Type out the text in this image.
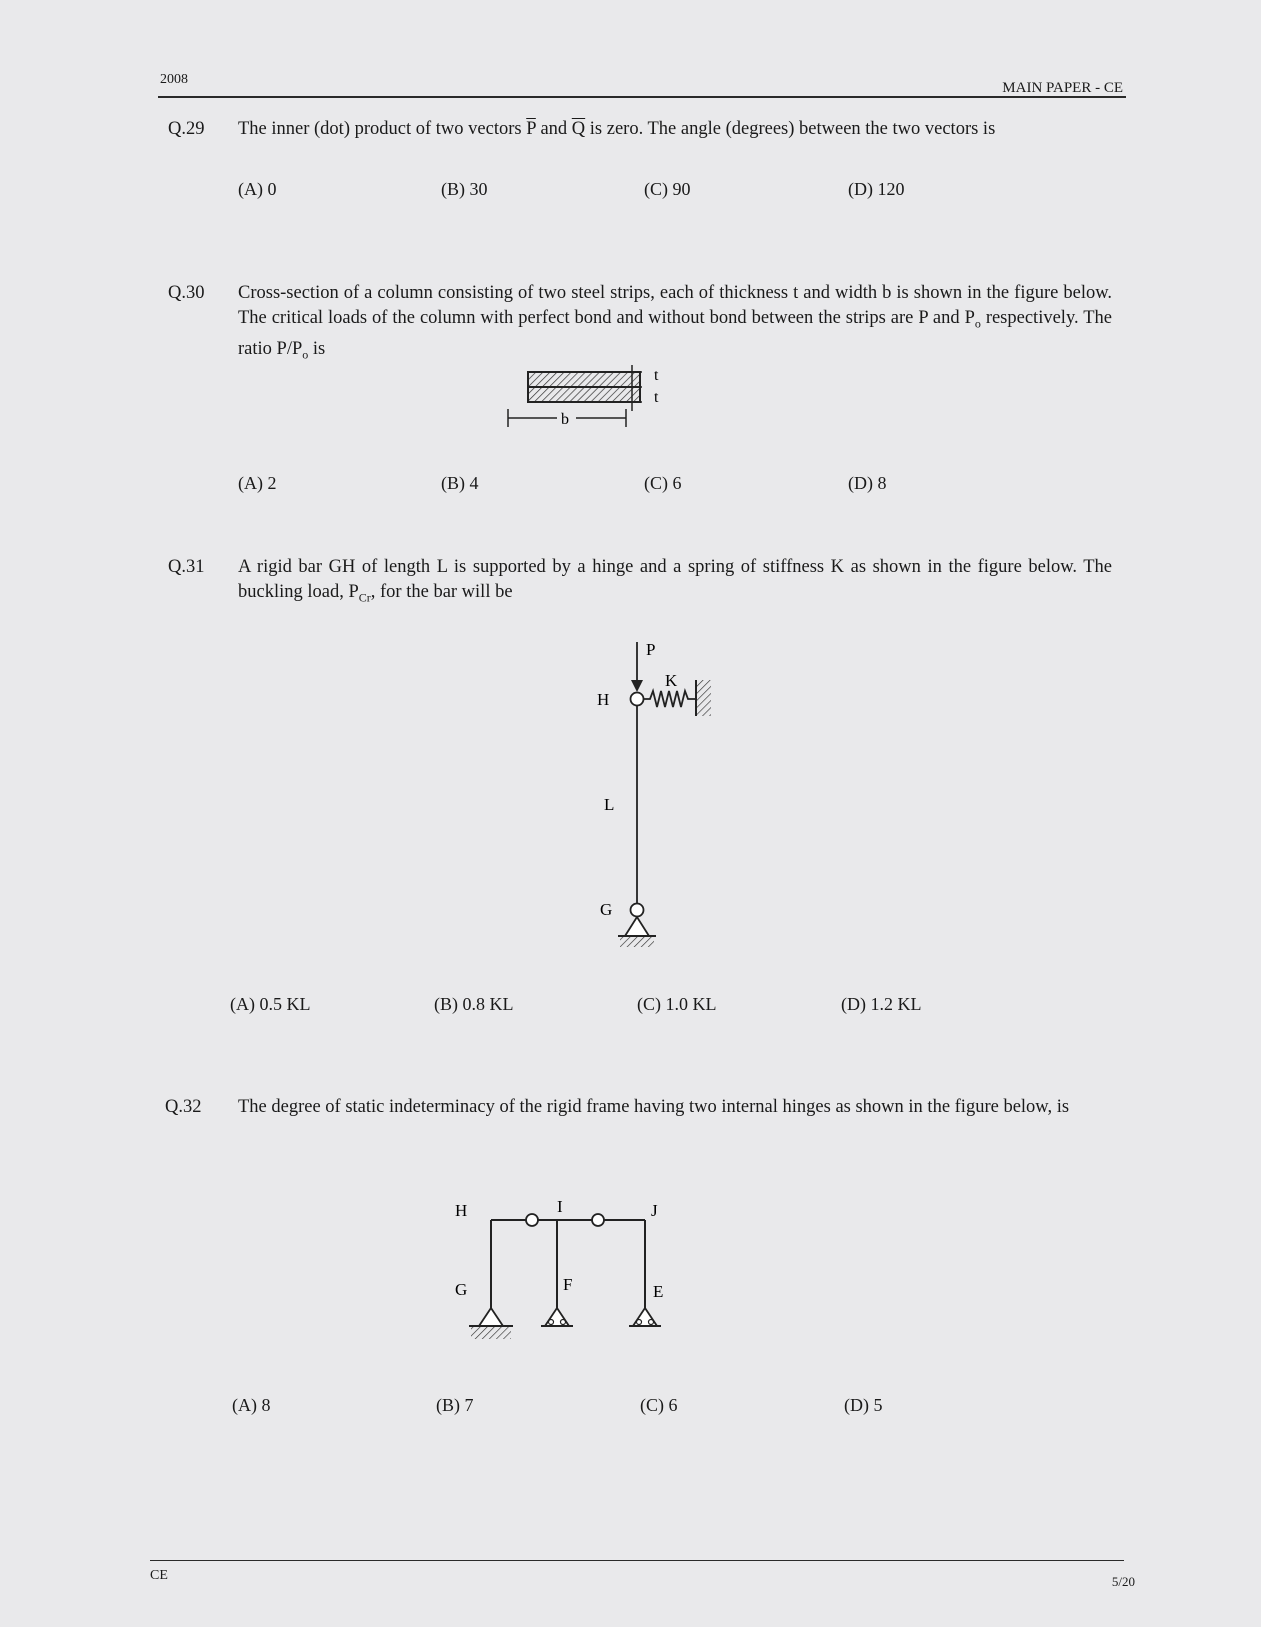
2008
MAIN PAPER - CE
Q.29 The inner (dot) product of two vectors $\overline{P}$ and $\overline{Q}$ is zero. The angle (degrees) between the two vectors is
(A) 0	(B) 30	(C) 90	(D) 120
Q.30 Cross-section of a column consisting of two steel strips, each of thickness t and width b is shown in the figure below. The critical loads of the column with perfect bond and without bond between the strips are P and $P_o$ respectively. The ratio $P/P_o$ is
(A) 2	(B) 4	(C) 6	(D) 8
t
t
b
Q.31 A rigid bar GH of length L is supported by a hinge and a spring of stiffness K as shown in the figure below. The buckling load, $P_{Cr}$, for the bar will be
(A) 0.5 KL	(B) 0.8 KL	(C) 1.0 KL	(D) 1.2 KL
P
H
K
L
G
Q.32 The degree of static indeterminacy of the rigid frame having two internal hinges as shown in the figure below, is
(A) 8	(B) 7	(C) 6	(D) 5
H	I	J
G	F	E
CE	5/20
